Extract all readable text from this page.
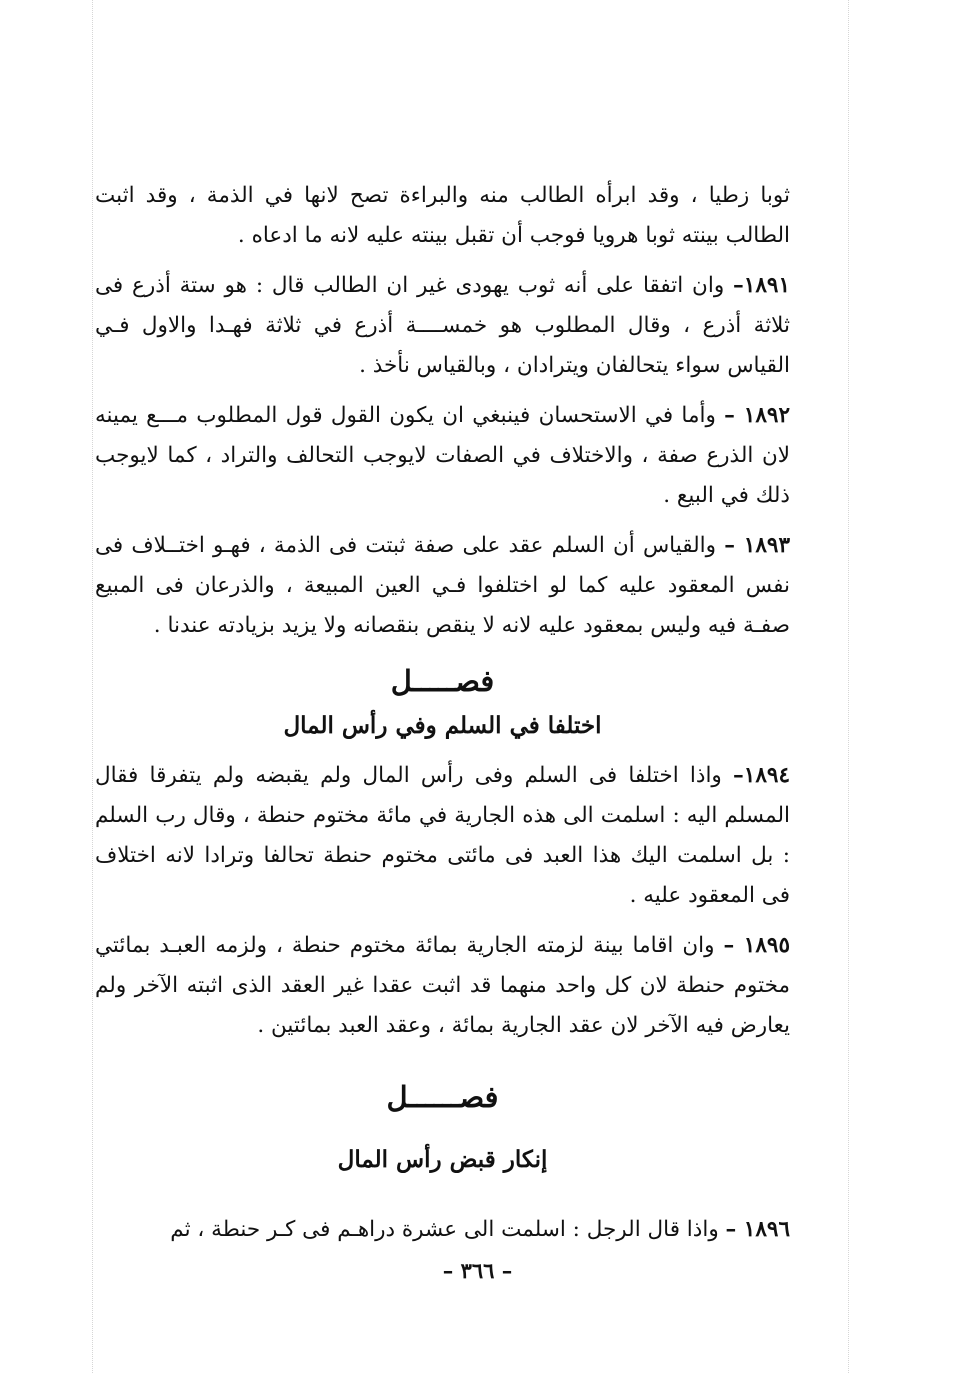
ثوبا زطيا ، وقد ابرأه الطالب منه والبراءة تصح لانها في الذمة ، وقد اثبت الطالب بينته ثوبا هرويا فوجب أن تقبل بينته عليه لانه ما ادعاه .

١٨٩١– وان اتفقا على أنه ثوب يهودى غير ان الطالب قال : هو ستة أذرع فى ثلاثة أذرع ، وقال المطلوب هو خمســــة أذرع في ثلاثة فهـدا والاول فـي القياس سواء يتحالفان ويترادان ، وبالقياس نأخذ .

١٨٩٢ – وأما في الاستحسان فينبغي ان يكون القول قول المطلوب مـــع يمينه لان الذرع صفة ، والاختلاف في الصفات لايوجب التحالف والتراد ، كما لايوجب ذلك في البيع .

١٨٩٣ – والقياس أن السلم عقد على صفة ثبتت فى الذمة ، فهـو اختــلاف فى نفس المعقود عليه كما لو اختلفوا فـي العين المبيعة ، والذرعان فى المبيع صفـة فيه وليس بمعقود عليه لانه لا ينقص بنقصانه ولا يزيد بزيادته عندنا .

فصـــــل
اختلفا في السلم وفي رأس المال

١٨٩٤– واذا اختلفا فى السلم وفى رأس المال ولم يقبضه ولم يتفرقا فقال المسلم اليه : اسلمت الى هذه الجارية في مائة مختوم حنطة ، وقال رب السلم : بل اسلمت اليك هذا العبد فى مائتى مختوم حنطة تحالفا وترادا لانه اختلاف فى المعقود عليه .

١٨٩٥ – وان اقاما بينة لزمته الجارية بمائة مختوم حنطة ، ولزمه العبـد بمائتي مختوم حنطة لان كل واحد منهما قد اثبت عقدا غير العقد الذى اثبته الآخر ولم يعارض فيه الآخر لان عقد الجارية بمائة ، وعقد العبد بمائتين .

فصــــــل
إنكار قبض رأس المال

١٨٩٦ – واذا قال الرجل : اسلمت الى عشرة دراهـم فى كـر حنطة ، ثم

– ٣٦٦ –
